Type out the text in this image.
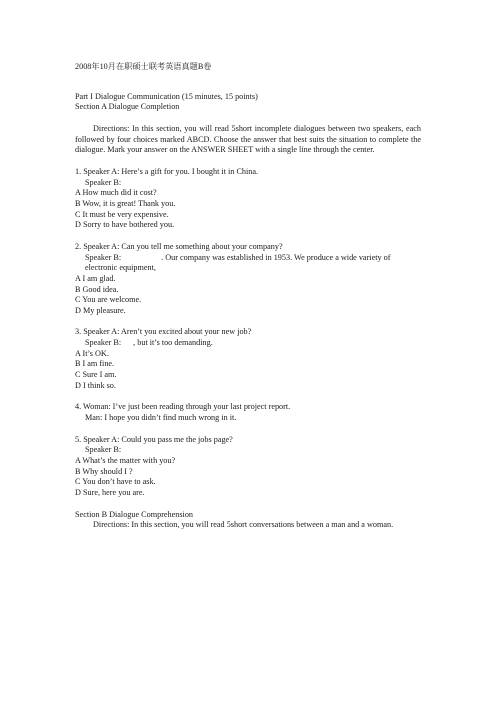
2008年10月在职硕士联考英语真题B卷

Part I Dialogue Communication (15 minutes, 15 points)

Section A Dialogue Completion

Directions: In this section, you will read 5short incomplete dialogues between two speakers, each followed by four choices marked ABCD. Choose the answer that best suits the situation to complete the dialogue. Mark your answer on the ANSWER SHEET with a single line through the center.

1. Speaker A: Here’s a gift for you. I bought it in China.

Speaker B:

A How much did it cost?

B Wow, it is great! Thank you.

C It must be very expensive.

D Sorry to have bothered you.

2. Speaker A: Can you tell me something about your company?

Speaker B:	. Our company was established in 1953. We produce a wide variety of
electronic equipment,

A I am glad.

B Good idea.

C You are welcome.

D My pleasure.

3. Speaker A: Aren’t you excited about your new job?

Speaker B: , but it’s too demanding.

A It’s OK.

B I am fine.

C Sure I am.

D I think so.

4. Woman: I’ve just been reading through your last project report.

Man: I hope you didn’t find much wrong in it.

5. Speaker A: Could you pass me the jobs page?

Speaker B:

A What’s the matter with you?

B Why should I ?

C You don’t have to ask.

D Sure, here you are.

Section B Dialogue Comprehension

Directions: In this section, you will read 5short conversations between a man and a woman.
